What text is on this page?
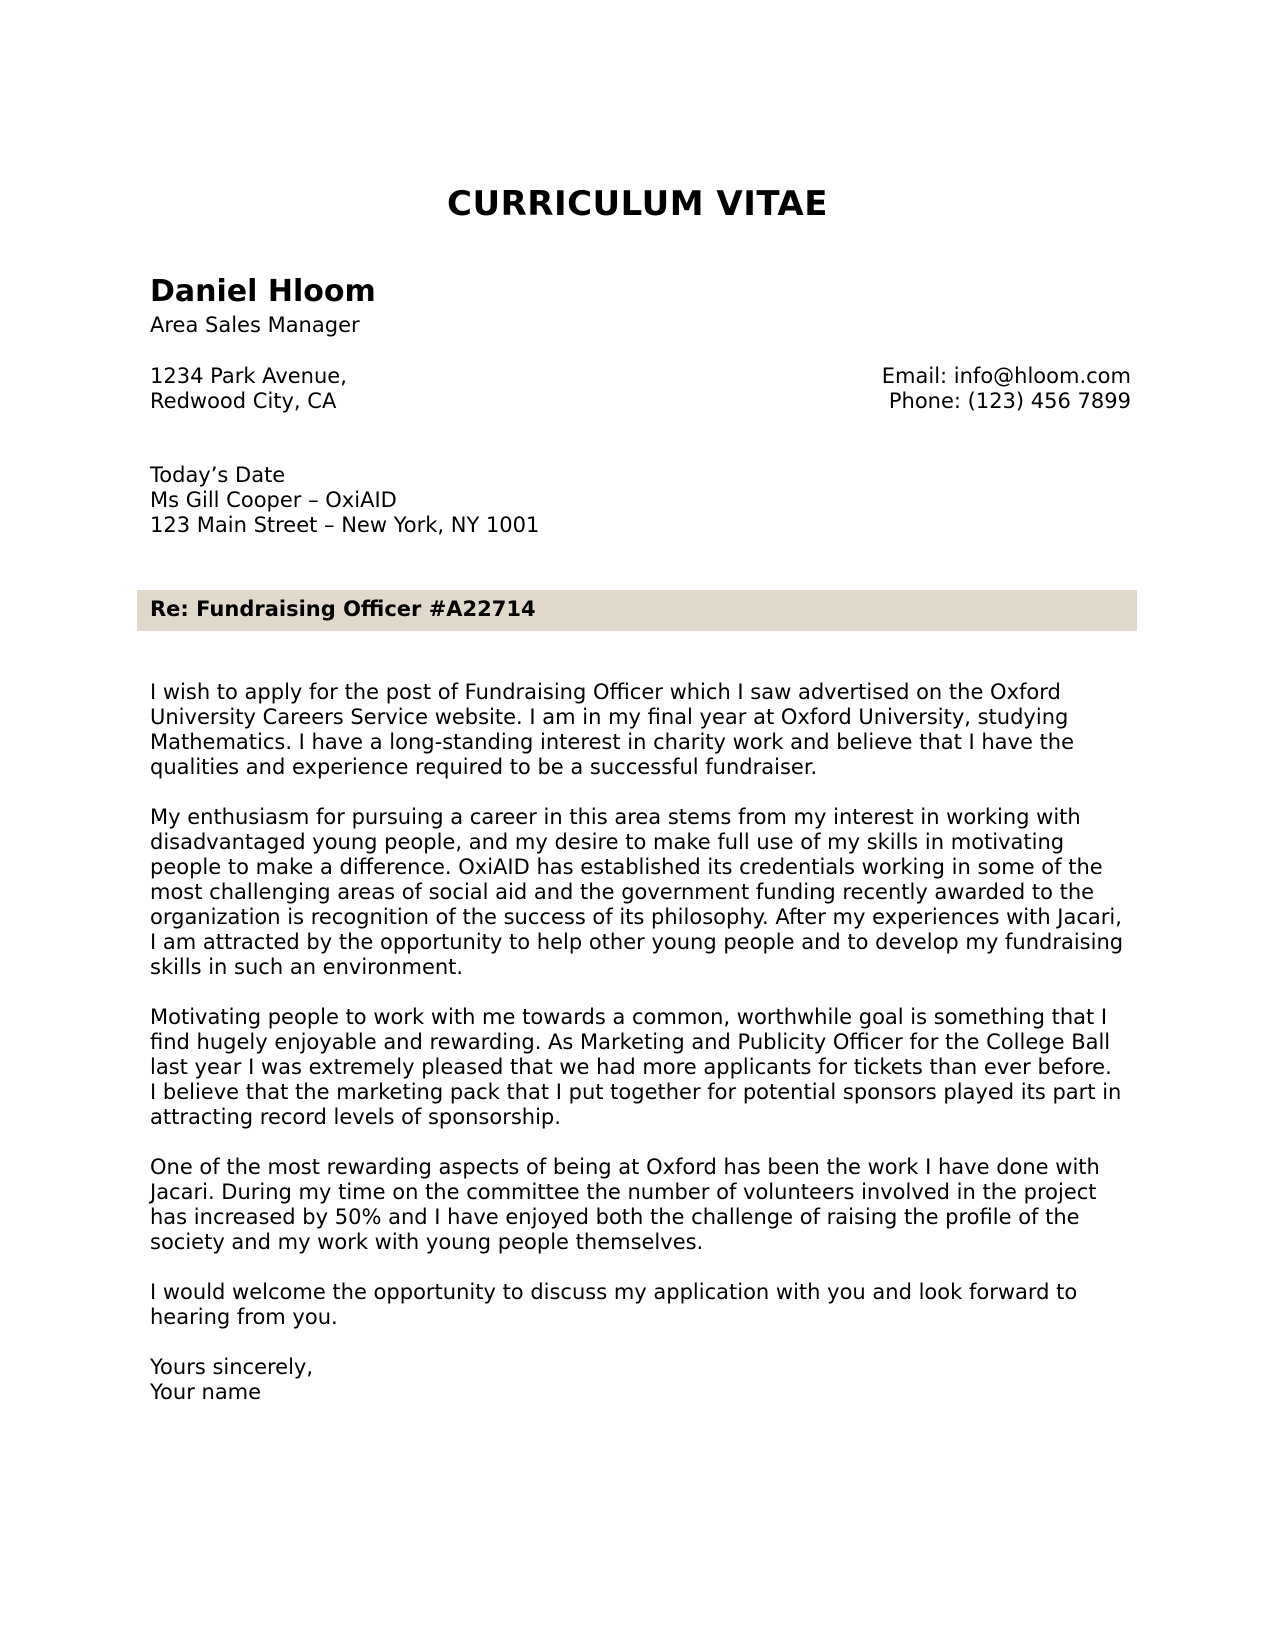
CURRICULUM VITAE
Daniel Hloom
Area Sales Manager
1234 Park Avenue,
Redwood City, CA
Email: info@hloom.com
Phone: (123) 456 7899
Today’s Date
Ms Gill Cooper – OxiAID
123 Main Street – New York, NY 1001
Re: Fundraising Officer #A22714
I wish to apply for the post of Fundraising Officer which I saw advertised on the Oxford
University Careers Service website. I am in my final year at Oxford University, studying
Mathematics. I have a long-standing interest in charity work and believe that I have the
qualities and experience required to be a successful fundraiser.
My enthusiasm for pursuing a career in this area stems from my interest in working with
disadvantaged young people, and my desire to make full use of my skills in motivating
people to make a difference. OxiAID has established its credentials working in some of the
most challenging areas of social aid and the government funding recently awarded to the
organization is recognition of the success of its philosophy. After my experiences with Jacari,
I am attracted by the opportunity to help other young people and to develop my fundraising
skills in such an environment.
Motivating people to work with me towards a common, worthwhile goal is something that I
find hugely enjoyable and rewarding. As Marketing and Publicity Officer for the College Ball
last year I was extremely pleased that we had more applicants for tickets than ever before.
I believe that the marketing pack that I put together for potential sponsors played its part in
attracting record levels of sponsorship.
One of the most rewarding aspects of being at Oxford has been the work I have done with
Jacari. During my time on the committee the number of volunteers involved in the project
has increased by 50% and I have enjoyed both the challenge of raising the profile of the
society and my work with young people themselves.
I would welcome the opportunity to discuss my application with you and look forward to
hearing from you.
Yours sincerely,
Your name
